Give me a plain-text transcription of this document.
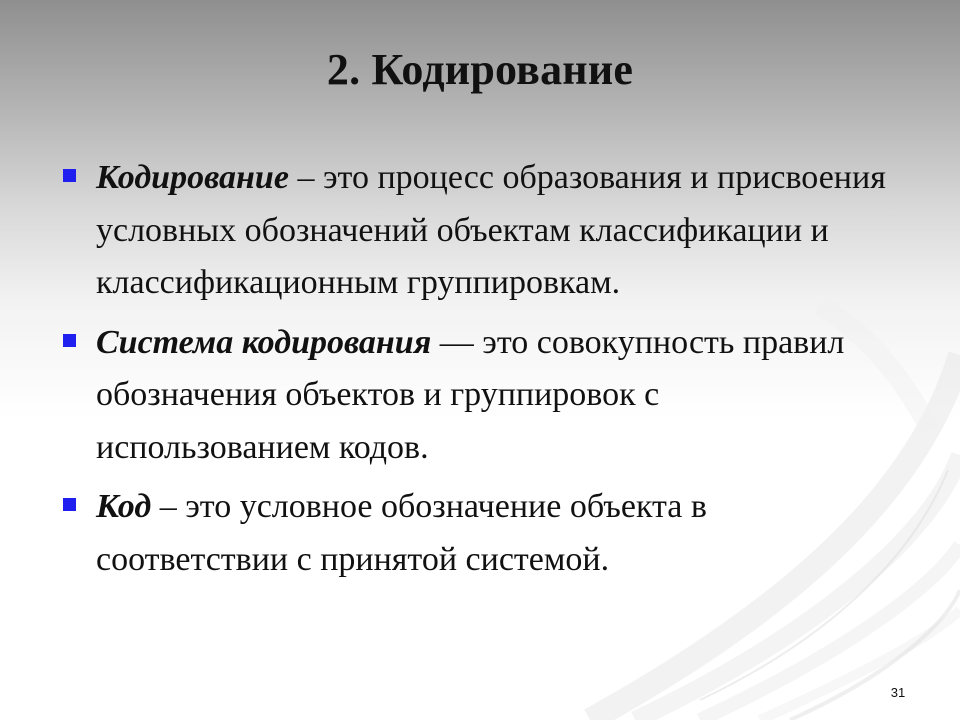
2. Кодирование
Кодирование – это процесс образования и присвоения условных обозначений объектам классификации и классификационным группировкам.
Система кодирования — это совокупность правил обозначения объектов и группировок с использованием кодов.
Код – это условное обозначение объекта в соответствии с принятой системой.
31
